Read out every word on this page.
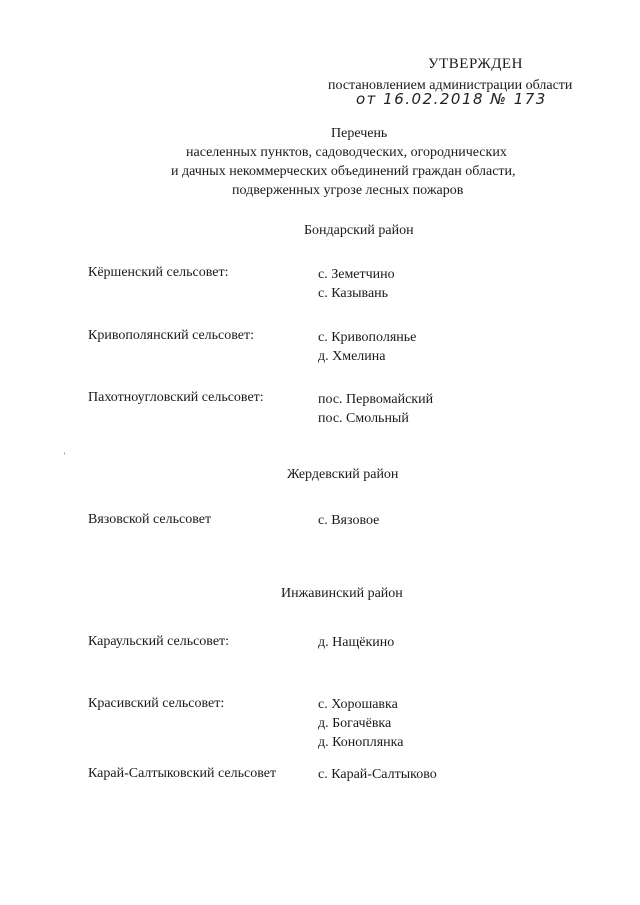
УТВЕРЖДЕН
постановлением администрации области
от 16.02.2018 № 173
Перечень
населенных пунктов, садоводческих, огороднических
и дачных некоммерческих объединений граждан области,
подверженных угрозе лесных пожаров
Бондарский район
Кёршенский сельсовет:	с. Земетчино
с. Казывань
Кривополянский сельсовет:	с. Кривополянье
д. Хмелина
Пахотноугловский сельсовет:	пос. Первомайский
пос. Смольный
Жердевский район
Вязовской сельсовет	с. Вязовое
Инжавинский район
Караульский сельсовет:	д. Нащёкино
Красивский сельсовет:	с. Хорошавка
д. Богачёвка
д. Коноплянка
Карай-Салтыковский сельсовет	с. Карай-Салтыково
